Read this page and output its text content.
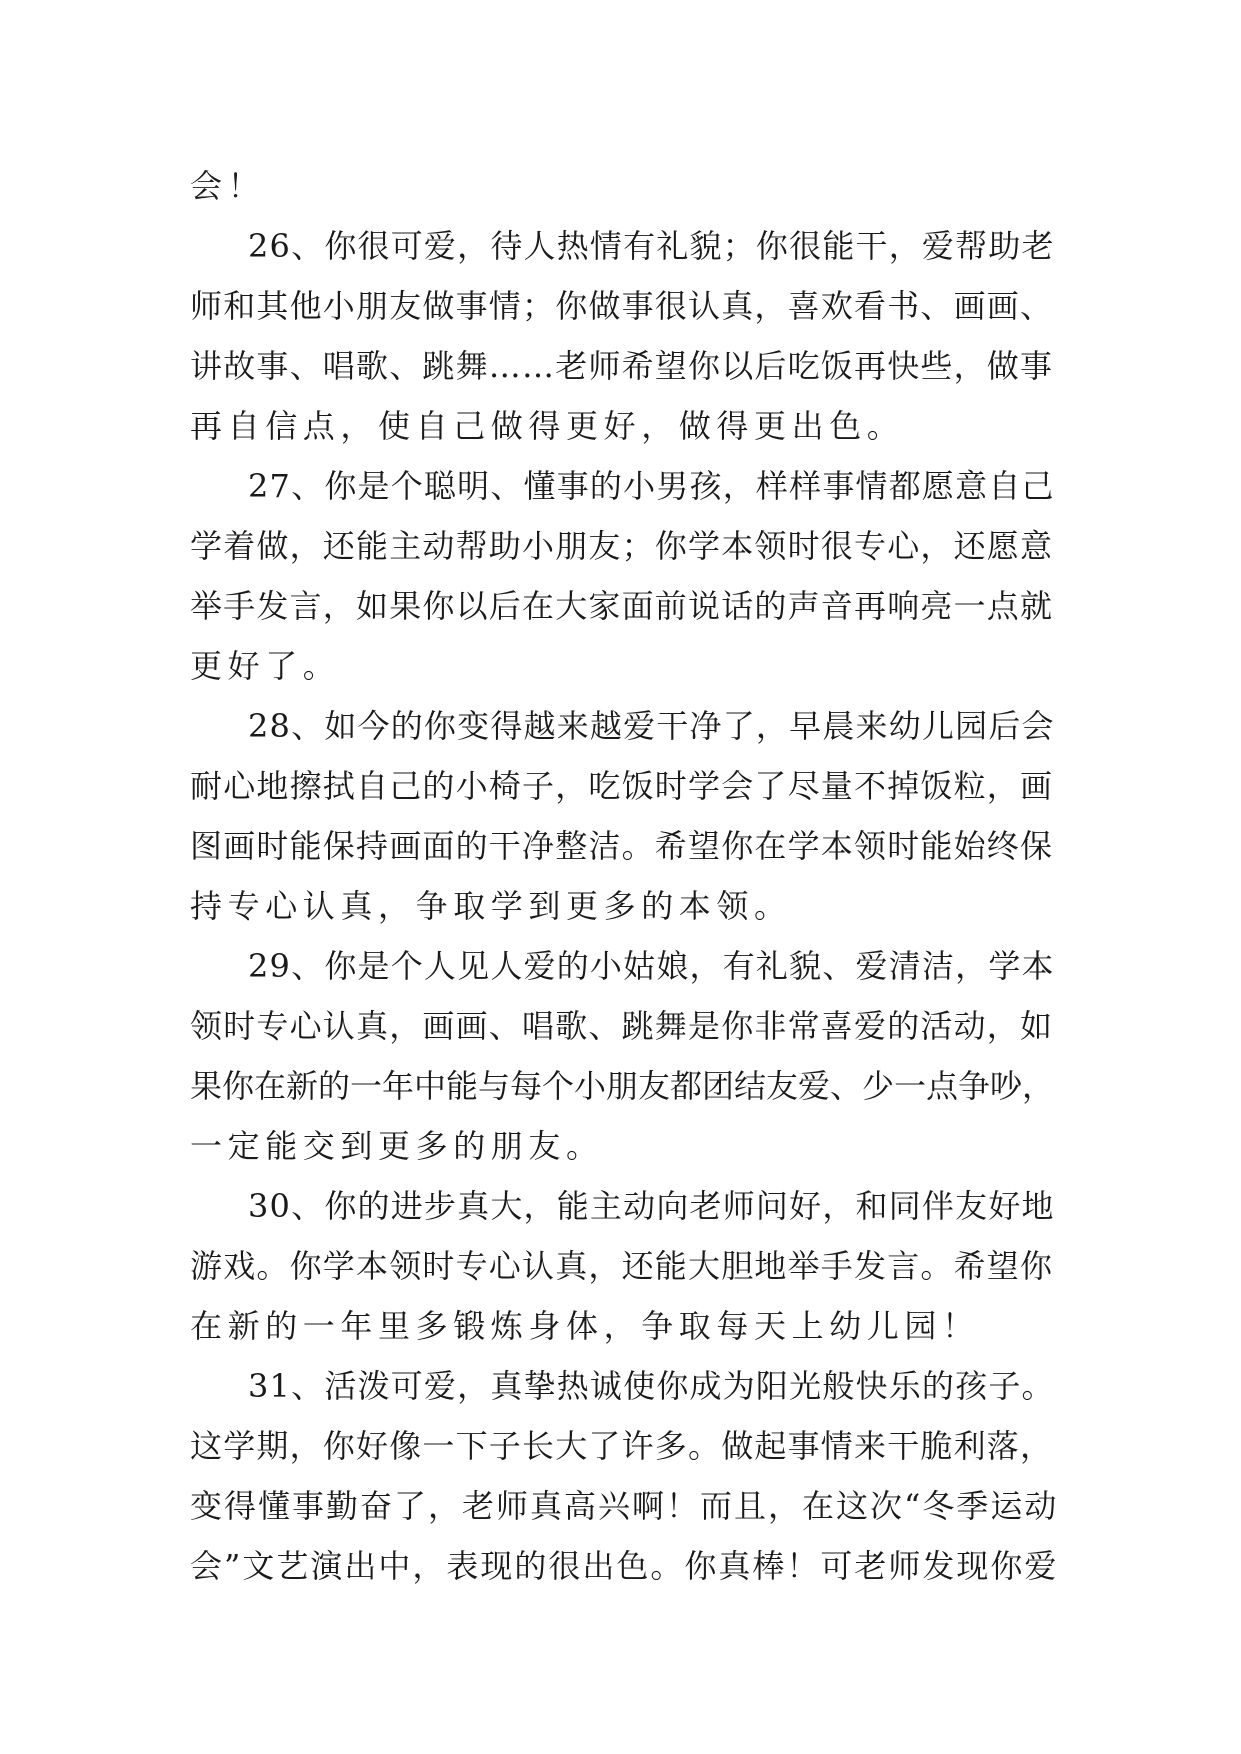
会！
26、你很可爱，待人热情有礼貌；你很能干，爱帮助老
师和其他小朋友做事情；你做事很认真，喜欢看书、画画、
讲故事、唱歌、跳舞……老师希望你以后吃饭再快些，做事
再自信点，使自己做得更好，做得更出色。
27、你是个聪明、懂事的小男孩，样样事情都愿意自己
学着做，还能主动帮助小朋友；你学本领时很专心，还愿意
举手发言，如果你以后在大家面前说话的声音再响亮一点就
更好了。
28、如今的你变得越来越爱干净了，早晨来幼儿园后会
耐心地擦拭自己的小椅子，吃饭时学会了尽量不掉饭粒，画
图画时能保持画面的干净整洁。希望你在学本领时能始终保
持专心认真，争取学到更多的本领。
29、你是个人见人爱的小姑娘，有礼貌、爱清洁，学本
领时专心认真，画画、唱歌、跳舞是你非常喜爱的活动，如
果你在新的一年中能与每个小朋友都团结友爱、少一点争吵，
一定能交到更多的朋友。
30、你的进步真大，能主动向老师问好，和同伴友好地
游戏。你学本领时专心认真，还能大胆地举手发言。希望你
在新的一年里多锻炼身体，争取每天上幼儿园！
31、活泼可爱，真挚热诚使你成为阳光般快乐的孩子。
这学期，你好像一下子长大了许多。做起事情来干脆利落，
变得懂事勤奋了，老师真高兴啊！而且，在这次“冬季运动
会”文艺演出中，表现的很出色。你真棒！可老师发现你爱
